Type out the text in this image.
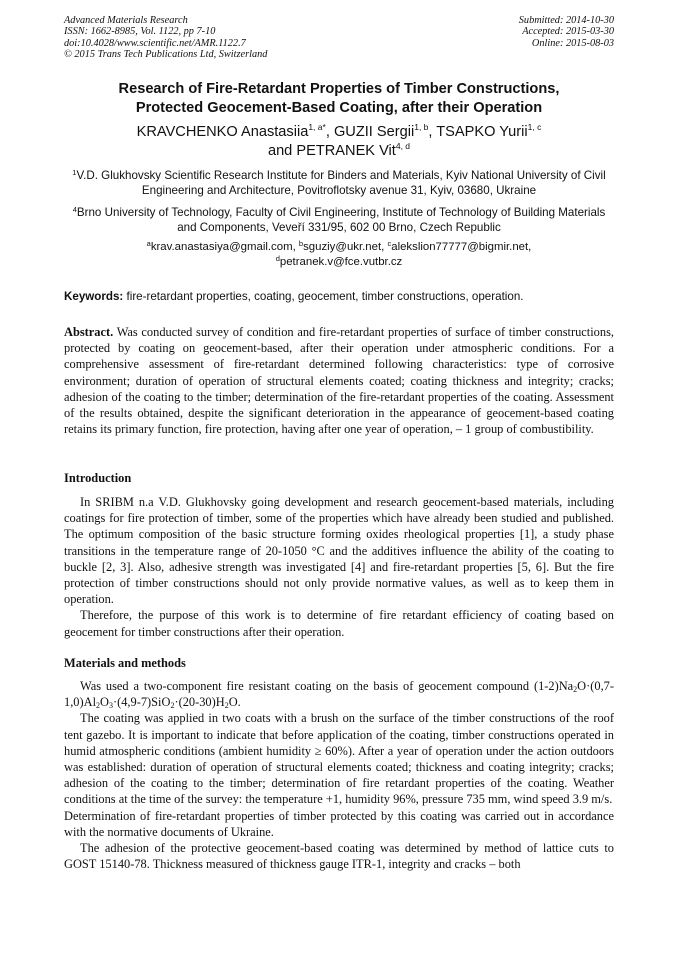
Advanced Materials Research
ISSN: 1662-8985, Vol. 1122, pp 7-10
doi:10.4028/www.scientific.net/AMR.1122.7
© 2015 Trans Tech Publications Ltd, Switzerland
Submitted: 2014-10-30
Accepted: 2015-03-30
Online: 2015-08-03
Research of Fire-Retardant Properties of Timber Constructions,
Protected Geocement-Based Coating, after their Operation
KRAVCHENKO Anastasiia$^{1, a*}$, GUZII Sergii$^{1, b}$, TSAPKO Yurii$^{1, c}$
and PETRANEK Vit$^{4, d}$
$^1$V.D. Glukhovsky Scientific Research Institute for Binders and Materials, Kyiv National University of Civil Engineering and Architecture, Povitroflotsky avenue 31, Kyiv, 03680, Ukraine
$^4$Brno University of Technology, Faculty of Civil Engineering, Institute of Technology of Building Materials and Components, Veveří 331/95, 602 00 Brno, Czech Republic
$^a$krav.anastasiya@gmail.com, $^b$sguziy@ukr.net, $^c$alekslion77777@bigmir.net,
$^d$petranek.v@fce.vutbr.cz
Keywords: fire-retardant properties, coating, geocement, timber constructions, operation.

Abstract. Was conducted survey of condition and fire-retardant properties of surface of timber constructions, protected by coating on geocement-based, after their operation under atmospheric conditions. For a comprehensive assessment of fire-retardant determined following characteristics: type of corrosive environment; duration of operation of structural elements coated; coating thickness and integrity; cracks; adhesion of the coating to the timber; determination of the fire-retardant properties of the coating. Assessment of the results obtained, despite the significant deterioration in the appearance of geocement-based coating retains its primary function, fire protection, having after one year of operation, – 1 group of combustibility.

Introduction

In SRIBM n.a V.D. Glukhovsky going development and research geocement-based materials, including coatings for fire protection of timber, some of the properties which have already been studied and published. The optimum composition of the basic structure forming oxides rheological properties [1], a study phase transitions in the temperature range of 20-1050 °C and the additives influence the ability of the coating to buckle [2, 3]. Also, adhesive strength was investigated [4] and fire-retardant properties [5, 6]. But the fire protection of timber constructions should not only provide normative values, as well as to keep them in operation.

Therefore, the purpose of this work is to determine of fire retardant efficiency of coating based on geocement for timber constructions after their operation.

Materials and methods

Was used a two-component fire resistant coating on the basis of geocement compound $(1-2)Na_2O\cdot(0,7-1,0)Al_2O_3\cdot(4,9-7)SiO_2\cdot(20-30)H_2O$.

The coating was applied in two coats with a brush on the surface of the timber constructions of the roof tent gazebo. It is important to indicate that before application of the coating, timber constructions operated in humid atmospheric conditions (ambient humidity ≥ 60%). After a year of operation under the action outdoors was established: duration of operation of structural elements coated; thickness and coating integrity; cracks; adhesion of the coating to the timber; determination of fire retardant properties of the coating. Weather conditions at the time of the survey: the temperature +1, humidity 96%, pressure 735 mm, wind speed 3.9 m/s.

Determination of fire-retardant properties of timber protected by this coating was carried out in accordance with the normative documents of Ukraine.

The adhesion of the protective geocement-based coating was determined by method of lattice cuts to GOST 15140-78. Thickness measured of thickness gauge ITR-1, integrity and cracks – both
